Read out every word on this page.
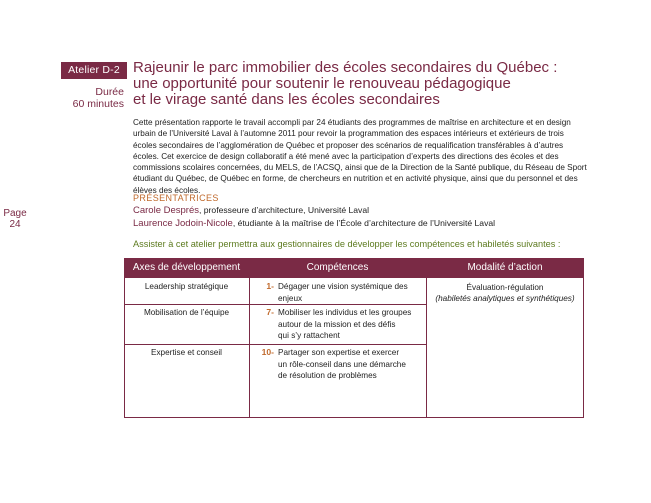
Atelier D-2
Durée
60 minutes
Page
24
Rajeunir le parc immobilier des écoles secondaires du Québec :
une opportunité pour soutenir le renouveau pédagogique
et le virage santé dans les écoles secondaires
Cette présentation rapporte le travail accompli par 24 étudiants des programmes de maîtrise en architecture et en design urbain de l’Université Laval à l’automne 2011 pour revoir la programmation des espaces intérieurs et extérieurs de trois écoles secondaires de l’agglomération de Québec et proposer des scénarios de requalification transférables à d’autres écoles. Cet exercice de design collaboratif a été mené avec la participation d’experts des directions des écoles et des commissions scolaires concernées, du MELS, de l’ACSQ, ainsi que de la Direction de la Santé publique, du Réseau de Sport étudiant du Québec, de Québec en forme, de chercheurs en nutrition et en activité physique, ainsi que du personnel et des élèves des écoles.
PRÉSENTATRICES
Carole Després, professeure d’architecture, Université Laval
Laurence Jodoin-Nicole, étudiante à la maîtrise de l’École d’architecture de l’Université Laval
Assister à cet atelier permettra aux gestionnaires de développer les compétences et habiletés suivantes :
Axes de développement	Compétences	Modalité d’action
Leadership stratégique
Mobilisation de l’équipe
Expertise et conseil
1- Dégager une vision systémique des
enjeux
7- Mobiliser les individus et les groupes
autour de la mission et des défis
qui s’y rattachent
10- Partager son expertise et exercer
un rôle-conseil dans une démarche
de résolution de problèmes
Évaluation-régulation
(habiletés analytiques et synthétiques)
